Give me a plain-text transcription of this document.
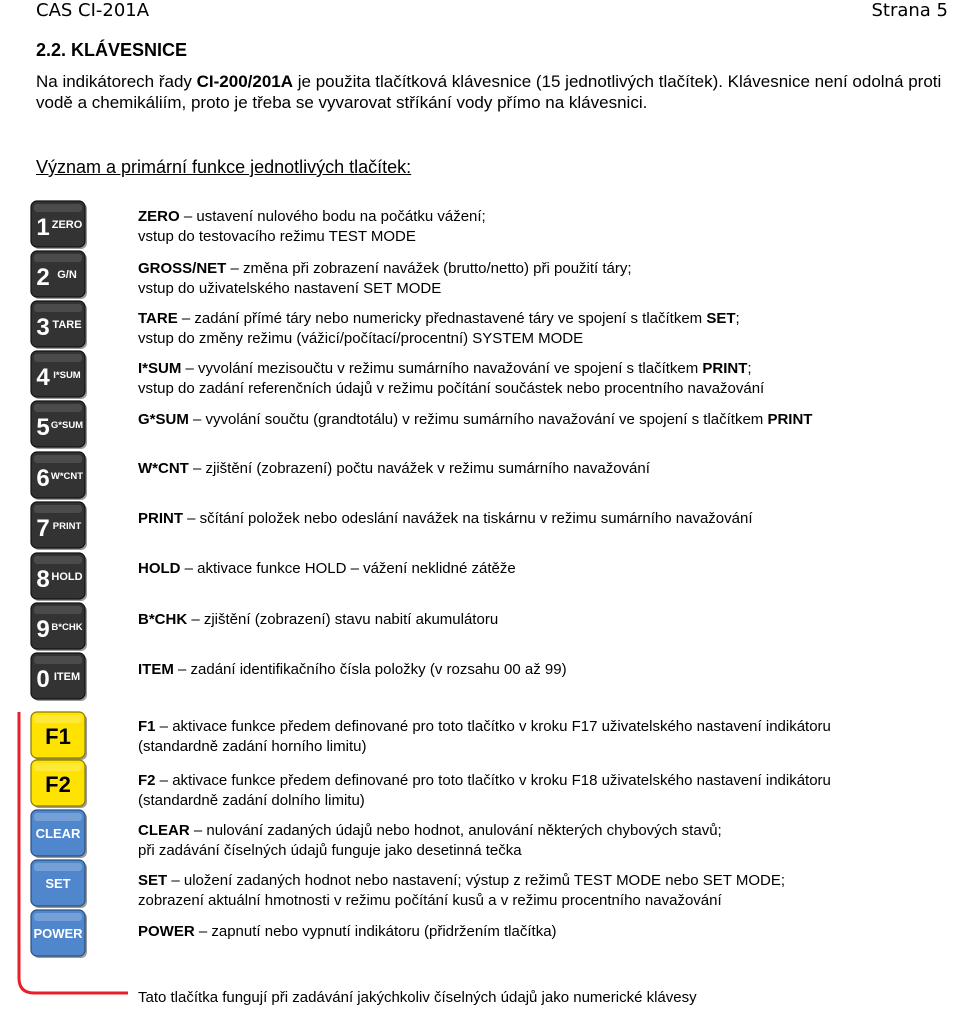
CAS CI-201A	Strana 5
2.2. KLÁVESNICE
Na indikátorech řady CI-200/201A je použita tlačítková klávesnice (15 jednotlivých tlačítek). Klávesnice není odolná proti vodě a chemikáliím, proto je třeba se vyvarovat stříkání vody přímo na klávesnici.
Význam a primární funkce jednotlivých tlačítek:
1 ZERO
2 G/N
3 TARE
4 I*SUM
5 G*SUM
6 W*CNT
7 PRINT
8 HOLD
9 B*CHK
0 ITEM
F1
F2
CLEAR
SET
POWER
ZERO – ustavení nulového bodu na počátku vážení;
vstup do testovacího režimu TEST MODE
GROSS/NET – změna při zobrazení navážek (brutto/netto) při použití táry;
vstup do uživatelského nastavení SET MODE
TARE – zadání přímé táry nebo numericky přednastavené táry ve spojení s tlačítkem SET;
vstup do změny režimu (vážicí/počítací/procentní) SYSTEM MODE
I*SUM – vyvolání mezisoučtu v režimu sumárního navažování ve spojení s tlačítkem PRINT;
vstup do zadání referenčních údajů v režimu počítání součástek nebo procentního navažování
G*SUM – vyvolání součtu (grandtotálu) v režimu sumárního navažování ve spojení s tlačítkem PRINT
W*CNT – zjištění (zobrazení) počtu navážek v režimu sumárního navažování
PRINT – sčítání položek nebo odeslání navážek na tiskárnu v režimu sumárního navažování
HOLD – aktivace funkce HOLD – vážení neklidné zátěže
B*CHK – zjištění (zobrazení) stavu nabití akumulátoru
ITEM – zadání identifikačního čísla položky (v rozsahu 00 až 99)
F1 – aktivace funkce předem definované pro toto tlačítko v kroku F17 uživatelského nastavení indikátoru
(standardně zadání horního limitu)
F2 – aktivace funkce předem definované pro toto tlačítko v kroku F18 uživatelského nastavení indikátoru
(standardně zadání dolního limitu)
CLEAR – nulování zadaných údajů nebo hodnot, anulování některých chybových stavů;
při zadávání číselných údajů funguje jako desetinná tečka
SET – uložení zadaných hodnot nebo nastavení; výstup z režimů TEST MODE nebo SET MODE;
zobrazení aktuální hmotnosti v režimu počítání kusů a v režimu procentního navažování
POWER – zapnutí nebo vypnutí indikátoru (přidržením tlačítka)
Tato tlačítka fungují při zadávání jakýchkoliv číselných údajů jako numerické klávesy
